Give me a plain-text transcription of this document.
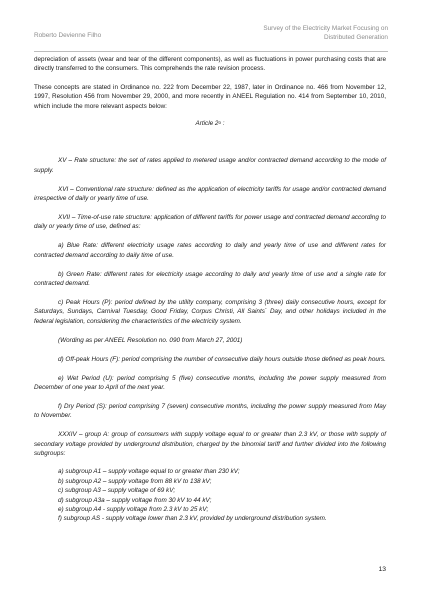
Roberto Devienne Filho
Survey of the Electricity Market Focusing on
Distributed Generation

depreciation of assets (wear and tear of the different components), as well as fluctuations in power purchasing costs that are directly transferred to the consumers. This comprehends the rate revision process.

These concepts are stated in Ordinance no. 222 from December 22, 1987, later in Ordinance no. 466 from November 12, 1997, Resolution 456 from November 29, 2000, and more recently in ANEEL Regulation no. 414 from September 10, 2010, which include the more relevant aspects below:

Article 2$^o$ :

XV – Rate structure: the set of rates applied to metered usage and/or contracted demand according to the mode of supply.

XVI – Conventional rate structure: defined as the application of electricity tariffs for usage and/or contracted demand irrespective of daily or yearly time of use.

XVII – Time-of-use rate structure: application of different tariffs for power usage and contracted demand according to daily or yearly time of use, defined as:

a) Blue Rate: different electricity usage rates according to daily and yearly time of use and different rates for contracted demand according to daily time of use.

b) Green Rate: different rates for electricity usage according to daily and yearly time of use and a single rate for contracted demand.

c) Peak Hours (P): period defined by the utility company, comprising 3 (three) daily consecutive hours, except for Saturdays, Sundays, Carnival Tuesday, Good Friday, Corpus Christi, All Saints` Day, and other holidays included in the federal legislation, considering the characteristics of the electricity system.

(Wording as per ANEEL Resolution no. 090 from March 27, 2001)

d) Off-peak Hours (F): period comprising the number of consecutive daily hours outside those defined as peak hours.

e) Wet Period (U): period comprising 5 (five) consecutive months, including the power supply measured from December of one year to April of the next year.

f) Dry Period (S): period comprising 7 (seven) consecutive months, including the power supply measured from May to November.

XXXIV – group A: group of consumers with supply voltage equal to or greater than 2.3 kV, or those with supply of secondary voltage provided by underground distribution, charged by the binomial tariff and further divided into the following subgroups:

a) subgroup A1 – supply voltage equal to or greater than 230 kV;
b) subgroup A2 – supply voltage from 88 kV to 138 kV;
c) subgroup A3 – supply voltage of 69 kV;
d) subgroup A3a – supply voltage from 30 kV to 44 kV;
e) subgroup A4 - supply voltage from 2.3 kV to 25 kV;

f) subgroup AS - supply voltage lower than 2.3 kV, provided by underground distribution system.

13
